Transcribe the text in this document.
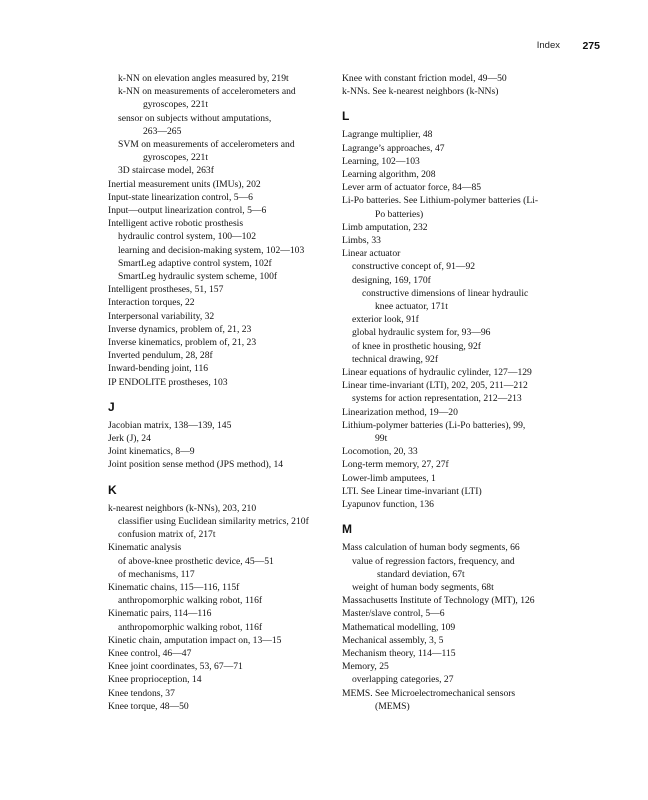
Index 275
k-NN on elevation angles measured by, 219t
k-NN on measurements of accelerometers and
gyroscopes, 221t
sensor on subjects without amputations,
263—265
SVM on measurements of accelerometers and
gyroscopes, 221t
3D staircase model, 263f
Inertial measurement units (IMUs), 202
Input-state linearization control, 5—6
Input—output linearization control, 5—6
Intelligent active robotic prosthesis
hydraulic control system, 100—102
learning and decision-making system, 102—103
SmartLeg adaptive control system, 102f
SmartLeg hydraulic system scheme, 100f
Intelligent prostheses, 51, 157
Interaction torques, 22
Interpersonal variability, 32
Inverse dynamics, problem of, 21, 23
Inverse kinematics, problem of, 21, 23
Inverted pendulum, 28, 28f
Inward-bending joint, 116
IP ENDOLITE prostheses, 103
J
Jacobian matrix, 138—139, 145
Jerk (J), 24
Joint kinematics, 8—9
Joint position sense method (JPS method), 14
K
k-nearest neighbors (k-NNs), 203, 210
classifier using Euclidean similarity metrics, 210f
confusion matrix of, 217t
Kinematic analysis
of above-knee prosthetic device, 45—51
of mechanisms, 117
Kinematic chains, 115—116, 115f
anthropomorphic walking robot, 116f
Kinematic pairs, 114—116
anthropomorphic walking robot, 116f
Kinetic chain, amputation impact on, 13—15
Knee control, 46—47
Knee joint coordinates, 53, 67—71
Knee proprioception, 14
Knee tendons, 37
Knee torque, 48—50
Knee with constant friction model, 49—50
k-NNs. See k-nearest neighbors (k-NNs)
L
Lagrange multiplier, 48
Lagrange’s approaches, 47
Learning, 102—103
Learning algorithm, 208
Lever arm of actuator force, 84—85
Li-Po batteries. See Lithium-polymer batteries (Li-
Po batteries)
Limb amputation, 232
Limbs, 33
Linear actuator
constructive concept of, 91—92
designing, 169, 170f
constructive dimensions of linear hydraulic
knee actuator, 171t
exterior look, 91f
global hydraulic system for, 93—96
of knee in prosthetic housing, 92f
technical drawing, 92f
Linear equations of hydraulic cylinder, 127—129
Linear time-invariant (LTI), 202, 205, 211—212
systems for action representation, 212—213
Linearization method, 19—20
Lithium-polymer batteries (Li-Po batteries), 99,
99t
Locomotion, 20, 33
Long-term memory, 27, 27f
Lower-limb amputees, 1
LTI. See Linear time-invariant (LTI)
Lyapunov function, 136
M
Mass calculation of human body segments, 66
value of regression factors, frequency, and
standard deviation, 67t
weight of human body segments, 68t
Massachusetts Institute of Technology (MIT), 126
Master/slave control, 5—6
Mathematical modelling, 109
Mechanical assembly, 3, 5
Mechanism theory, 114—115
Memory, 25
overlapping categories, 27
MEMS. See Microelectromechanical sensors
(MEMS)
